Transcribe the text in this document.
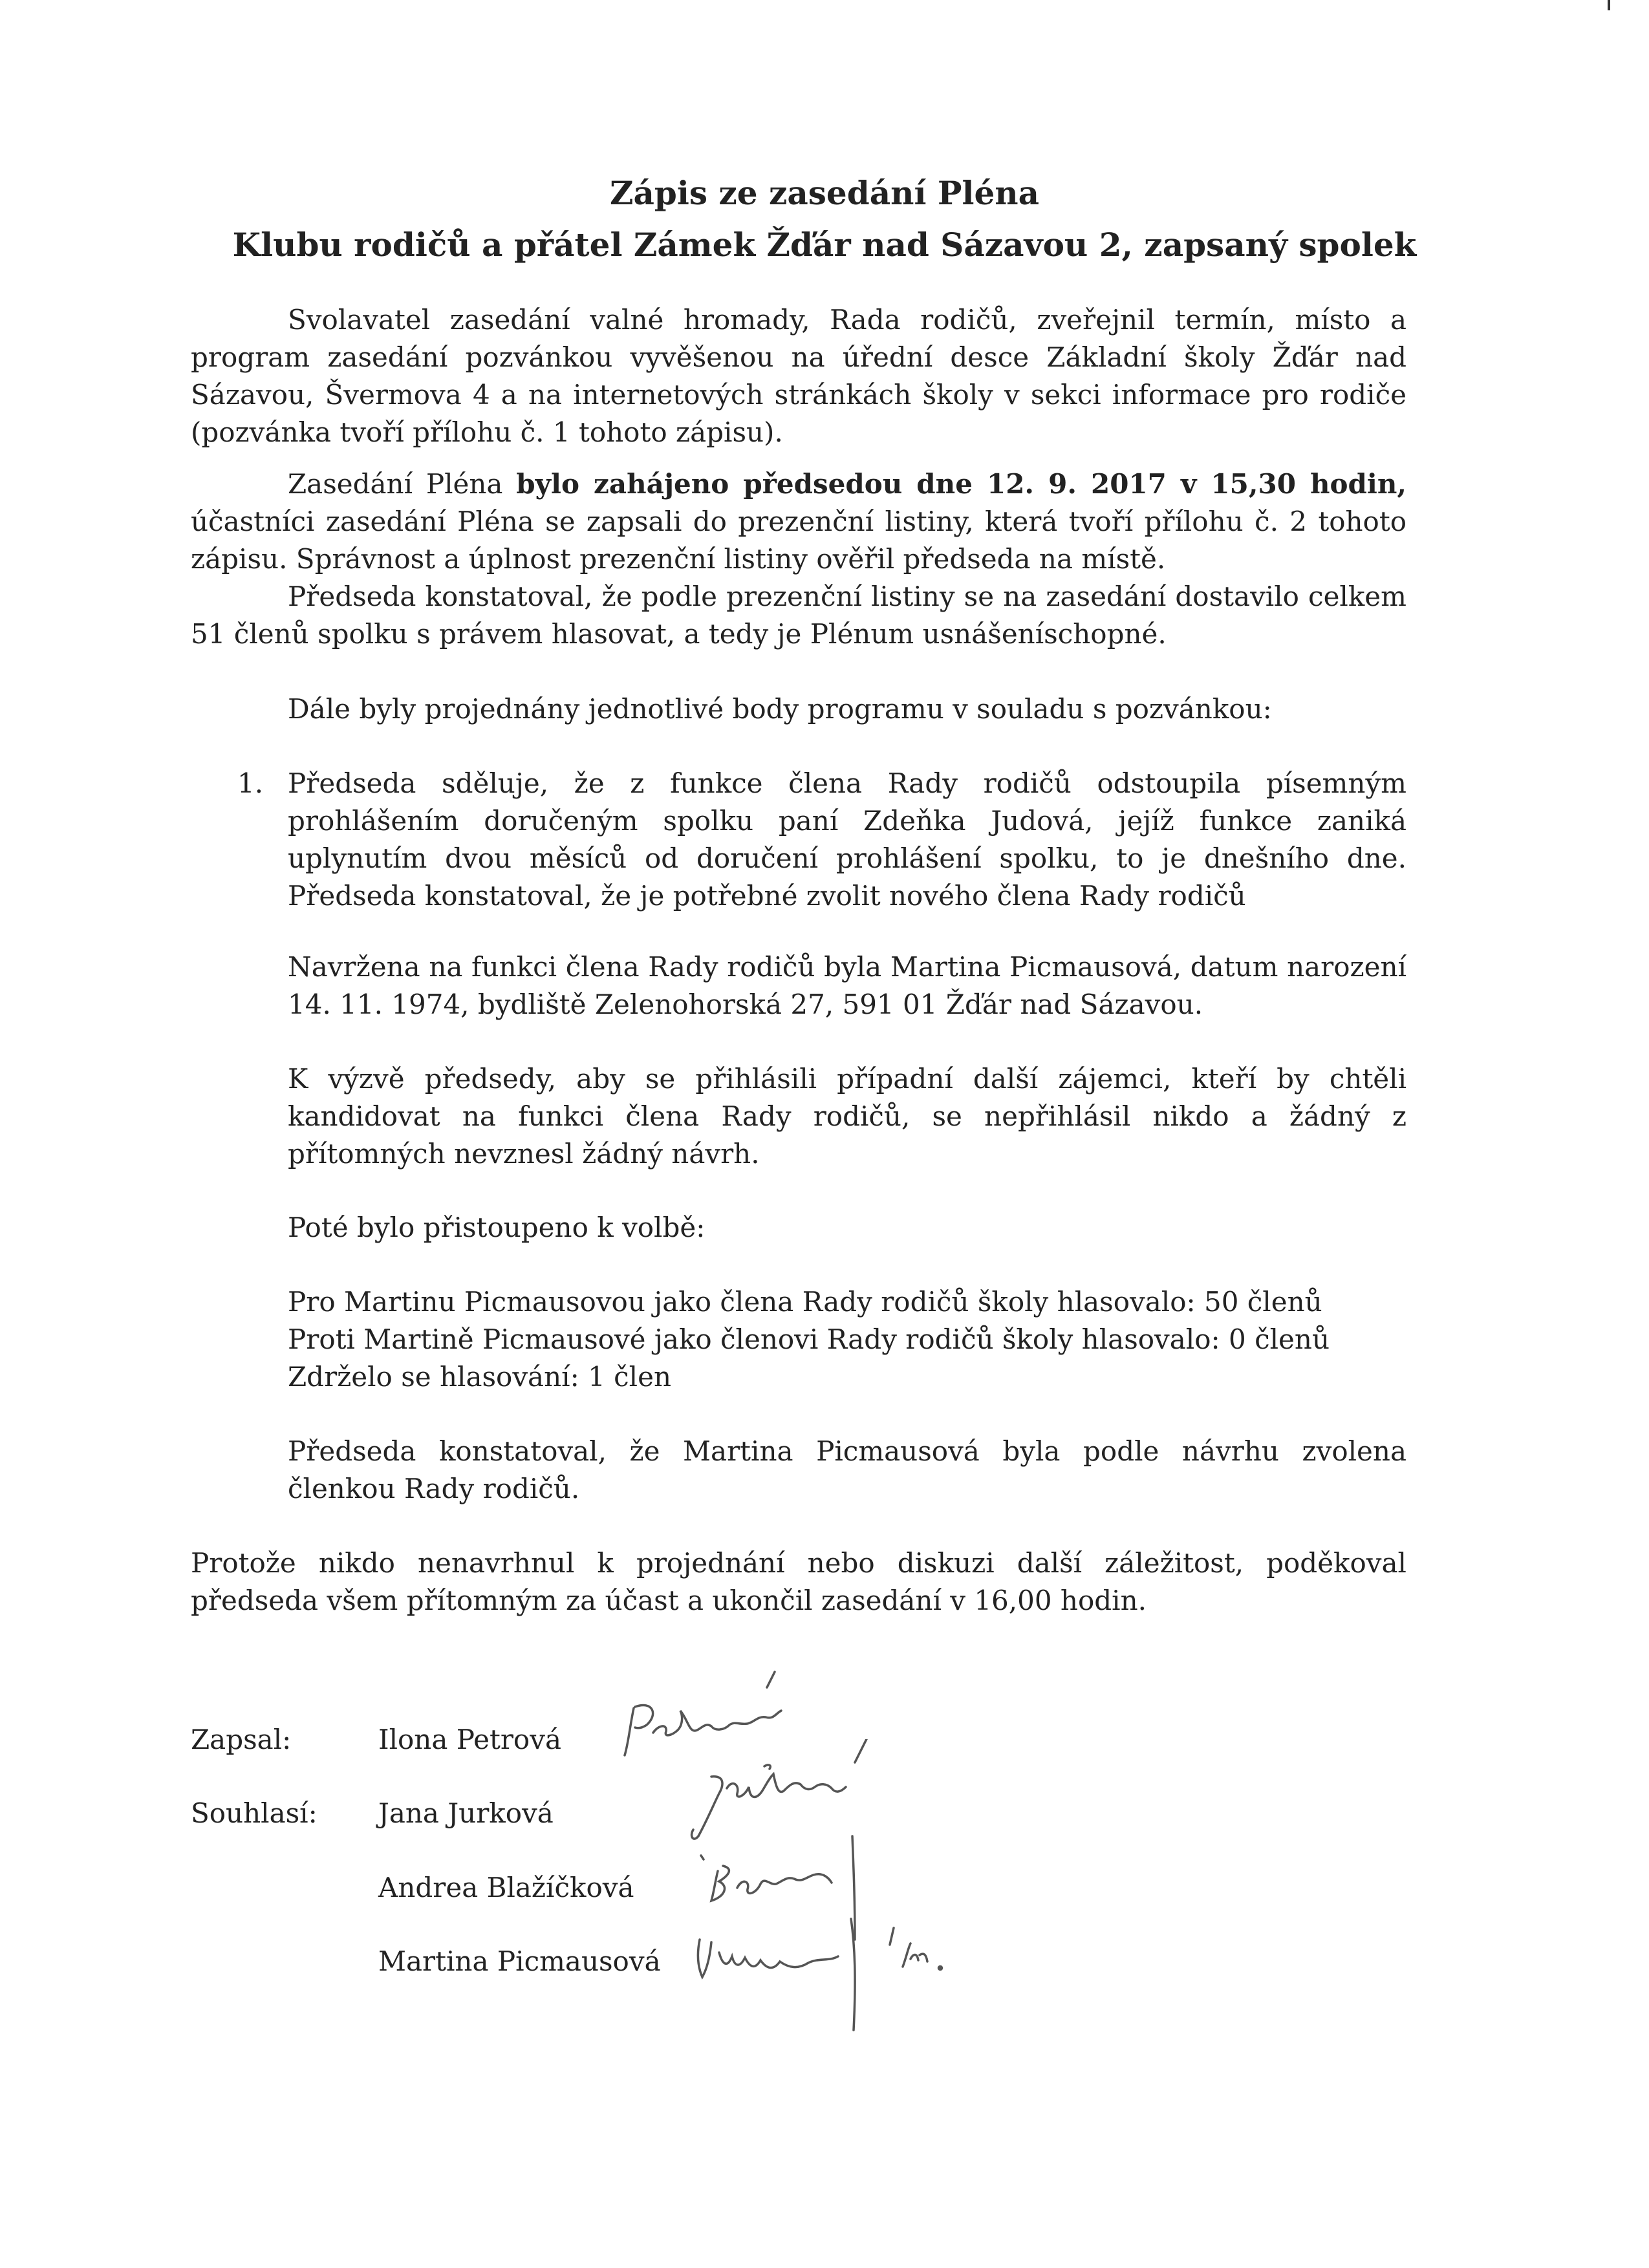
Zápis ze zasedání Pléna
Klubu rodičů a přátel Zámek Žďár nad Sázavou 2, zapsaný spolek

Svolavatel zasedání valné hromady, Rada rodičů, zveřejnil termín, místo a program zasedání pozvánkou vyvěšenou na úřední desce Základní školy Žďár nad Sázavou, Švermova 4 a na internetových stránkách školy v sekci informace pro rodiče (pozvánka tvoří přílohu č. 1 tohoto zápisu).

Zasedání Pléna bylo zahájeno předsedou dne 12. 9. 2017 v 15,30 hodin, účastníci zasedání Pléna se zapsali do prezenční listiny, která tvoří přílohu č. 2 tohoto zápisu. Správnost a úplnost prezenční listiny ověřil předseda na místě.

Předseda konstatoval, že podle prezenční listiny se na zasedání dostavilo celkem 51 členů spolku s právem hlasovat, a tedy je Plénum usnášeníschopné.

Dále byly projednány jednotlivé body programu v souladu s pozvánkou:

1. Předseda sděluje, že z funkce člena Rady rodičů odstoupila písemným prohlášením doručeným spolku paní Zdeňka Judová, jejíž funkce zaniká uplynutím dvou měsíců od doručení prohlášení spolku, to je dnešního dne. Předseda konstatoval, že je potřebné zvolit nového člena Rady rodičů

Navržena na funkci člena Rady rodičů byla Martina Picmausová, datum narození 14. 11. 1974, bydliště Zelenohorská 27, 591 01 Žďár nad Sázavou.

K výzvě předsedy, aby se přihlásili případní další zájemci, kteří by chtěli kandidovat na funkci člena Rady rodičů, se nepřihlásil nikdo a žádný z přítomných nevznesl žádný návrh.

Poté bylo přistoupeno k volbě:

Pro Martinu Picmausovou jako člena Rady rodičů školy hlasovalo: 50 členů

Proti Martině Picmausové jako členovi Rady rodičů školy hlasovalo: 0 členů

Zdrželo se hlasování: 1 člen

Předseda konstatoval, že Martina Picmausová byla podle návrhu zvolena členkou Rady rodičů.

Protože nikdo nenavrhnul k projednání nebo diskuzi další záležitost, poděkoval předseda všem přítomným za účast a ukončil zasedání v 16,00 hodin.

Zapsal:	Ilona Petrová
Souhlasí: Jana Jurková
Andrea Blažíčková
Martina Picmausová
